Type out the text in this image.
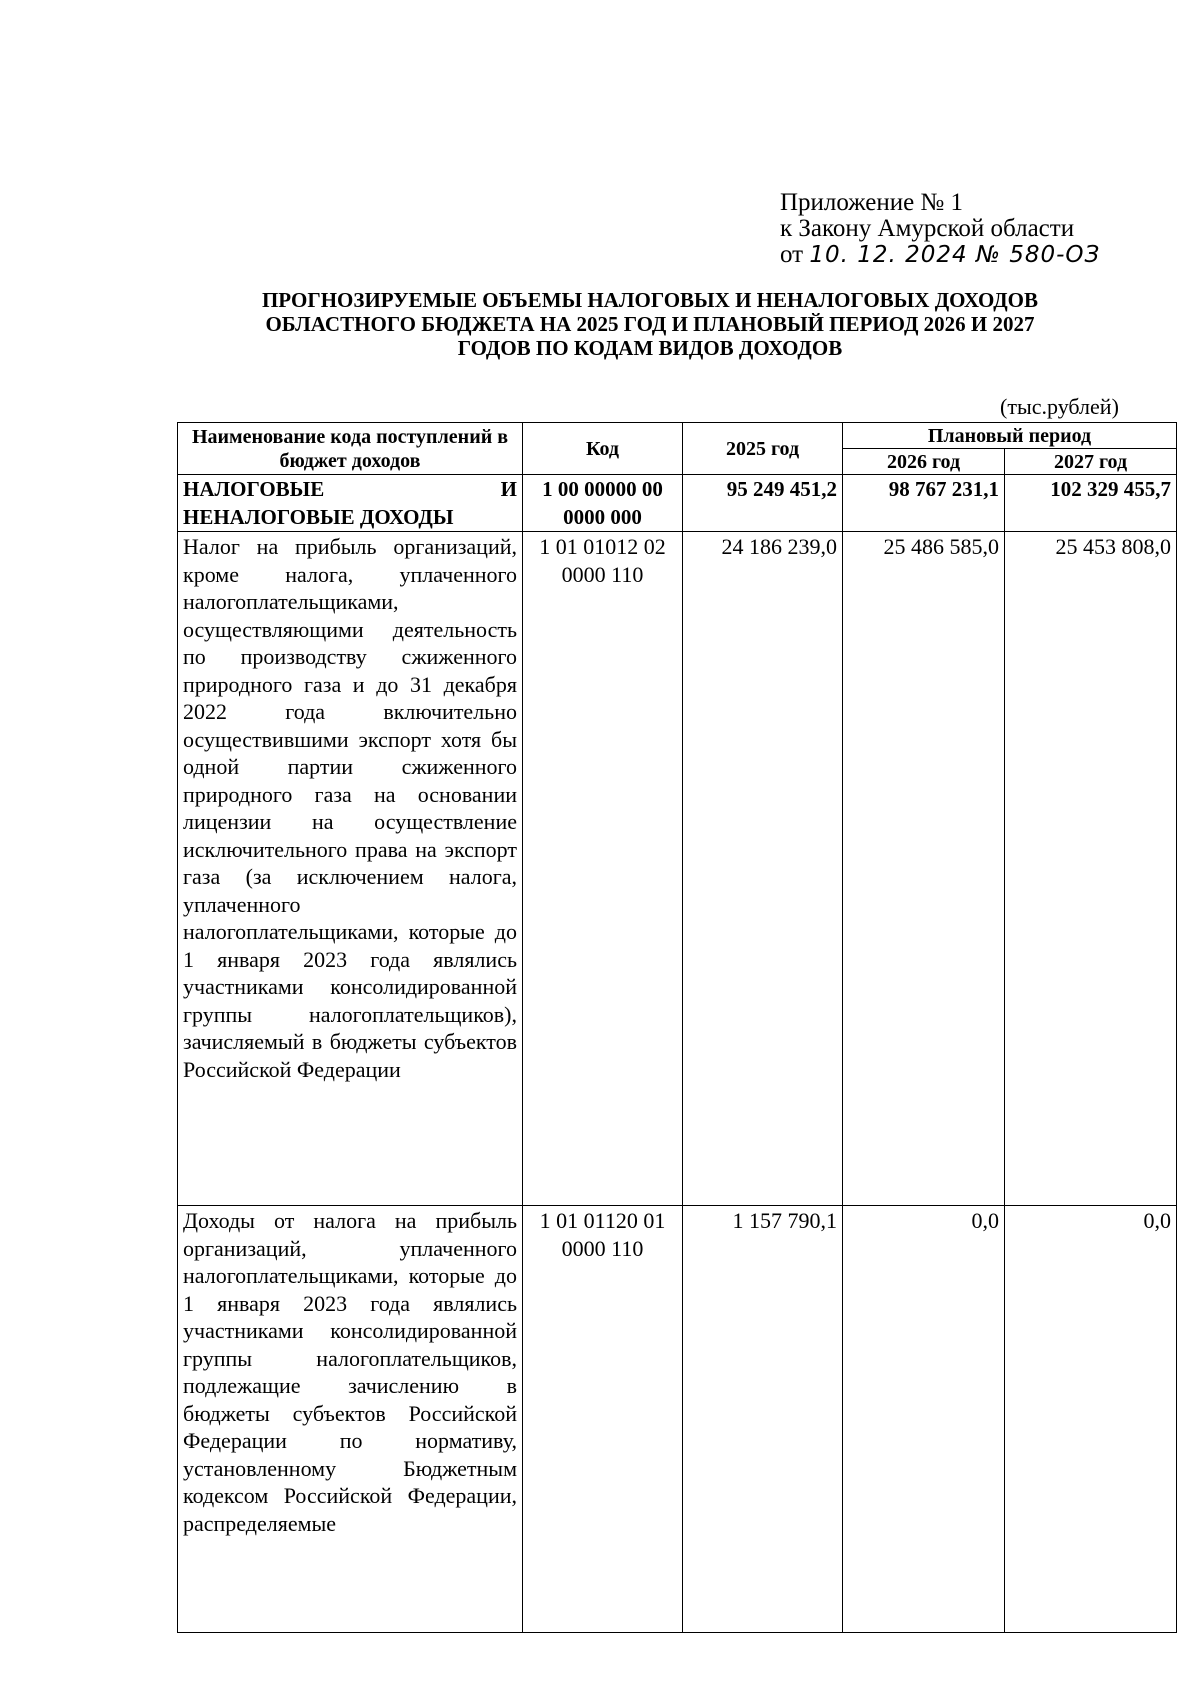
Приложение № 1
к Закону Амурской области
от 10. 12. 2024 № 580-ОЗ
ПРОГНОЗИРУЕМЫЕ ОБЪЕМЫ НАЛОГОВЫХ И НЕНАЛОГОВЫХ ДОХОДОВ
ОБЛАСТНОГО БЮДЖЕТА НА 2025 ГОД И ПЛАНОВЫЙ ПЕРИОД 2026 И 2027
ГОДОВ ПО КОДАМ ВИДОВ ДОХОДОВ
(тыс.рублей)
Наименование кода поступлений в бюджет доходов	Код	2025 год	Плановый период	
			2026 год	2027 год

НАЛОГОВЫЕ И
НЕНАЛОГОВЫЕ ДОХОДЫ	1 00 00000 00 0000 000	95 249 451,2	98 767 231,1	102 329 455,7
Налог на прибыль организаций, кроме налога, уплаченного налогоплательщиками, осуществляющими деятельность по производству сжиженного природного газа и до 31 декабря 2022 года включительно осуществившими экспорт хотя бы одной партии сжиженного природного газа на основании лицензии на осуществление исключительного права на экспорт газа (за исключением налога, уплаченного налогоплательщиками, которые до 1 января 2023 года являлись участниками консолидированной группы налогоплательщиков), зачисляемый в бюджеты субъектов Российской Федерации	1 01 01012 02 0000 110	24 186 239,0	25 486 585,0	25 453 808,0
Доходы от налога на прибыль организаций, уплаченного налогоплательщиками, которые до 1 января 2023 года являлись участниками консолидированной группы налогоплательщиков, подлежащие зачислению в бюджеты субъектов Российской Федерации по нормативу, установленному Бюджетным кодексом Российской Федерации, распределяемые	1 01 01120 01 0000 110	1 157 790,1	0,0	0,0
